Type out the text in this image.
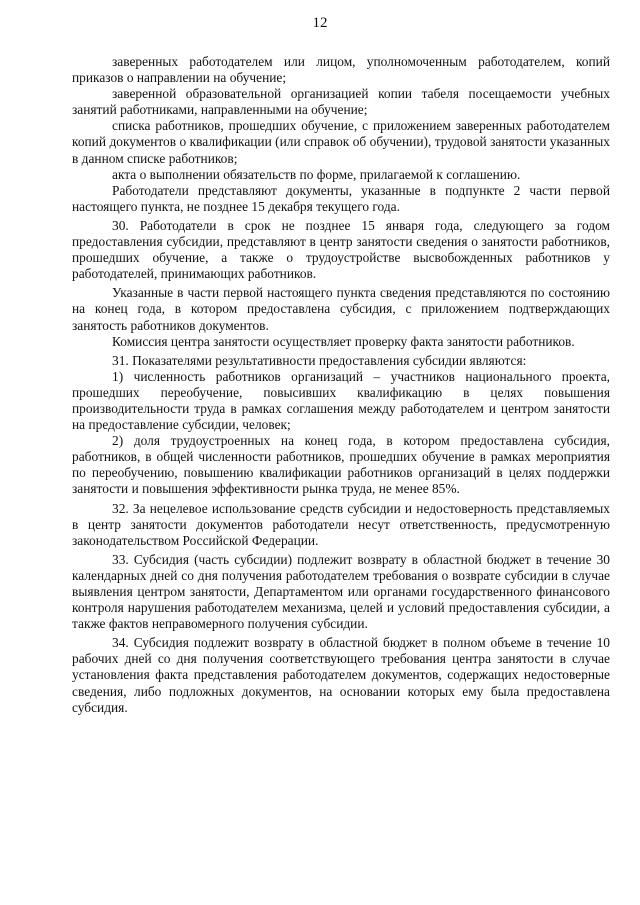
12

заверенных работодателем или лицом, уполномоченным работодателем, копий приказов о направлении на обучение;

заверенной образовательной организацией копии табеля посещаемости учебных занятий работниками, направленными на обучение;

списка работников, прошедших обучение, с приложением заверенных работодателем копий документов о квалификации (или справок об обучении), трудовой занятости указанных в данном списке работников;

акта о выполнении обязательств по форме, прилагаемой к соглашению.

Работодатели представляют документы, указанные в подпункте 2 части первой настоящего пункта, не позднее 15 декабря текущего года.

30. Работодатели в срок не позднее 15 января года, следующего за годом предоставления субсидии, представляют в центр занятости сведения о занятости работников, прошедших обучение, а также о трудоустройстве высвобожденных работников у работодателей, принимающих работников.

Указанные в части первой настоящего пункта сведения представляются по состоянию на конец года, в котором предоставлена субсидия, с приложением подтверждающих занятость работников документов.

Комиссия центра занятости осуществляет проверку факта занятости работников.

31. Показателями результативности предоставления субсидии являются:

1) численность работников организаций – участников национального проекта, прошедших переобучение, повысивших квалификацию в целях повышения производительности труда в рамках соглашения между работодателем и центром занятости на предоставление субсидии, человек;

2) доля трудоустроенных на конец года, в котором предоставлена субсидия, работников, в общей численности работников, прошедших обучение в рамках мероприятия по переобучению, повышению квалификации работников организаций в целях поддержки занятости и повышения эффективности рынка труда, не менее 85%.

32. За нецелевое использование средств субсидии и недостоверность представляемых в центр занятости документов работодатели несут ответственность, предусмотренную законодательством Российской Федерации.

33. Субсидия (часть субсидии) подлежит возврату в областной бюджет в течение 30 календарных дней со дня получения работодателем требования о возврате субсидии в случае выявления центром занятости, Департаментом или органами государственного финансового контроля нарушения работодателем механизма, целей и условий предоставления субсидии, а также фактов неправомерного получения субсидии.

34. Субсидия подлежит возврату в областной бюджет в полном объеме в течение 10 рабочих дней со дня получения соответствующего требования центра занятости в случае установления факта представления работодателем документов, содержащих недостоверные сведения, либо подложных документов, на основании которых ему была предоставлена субсидия.
